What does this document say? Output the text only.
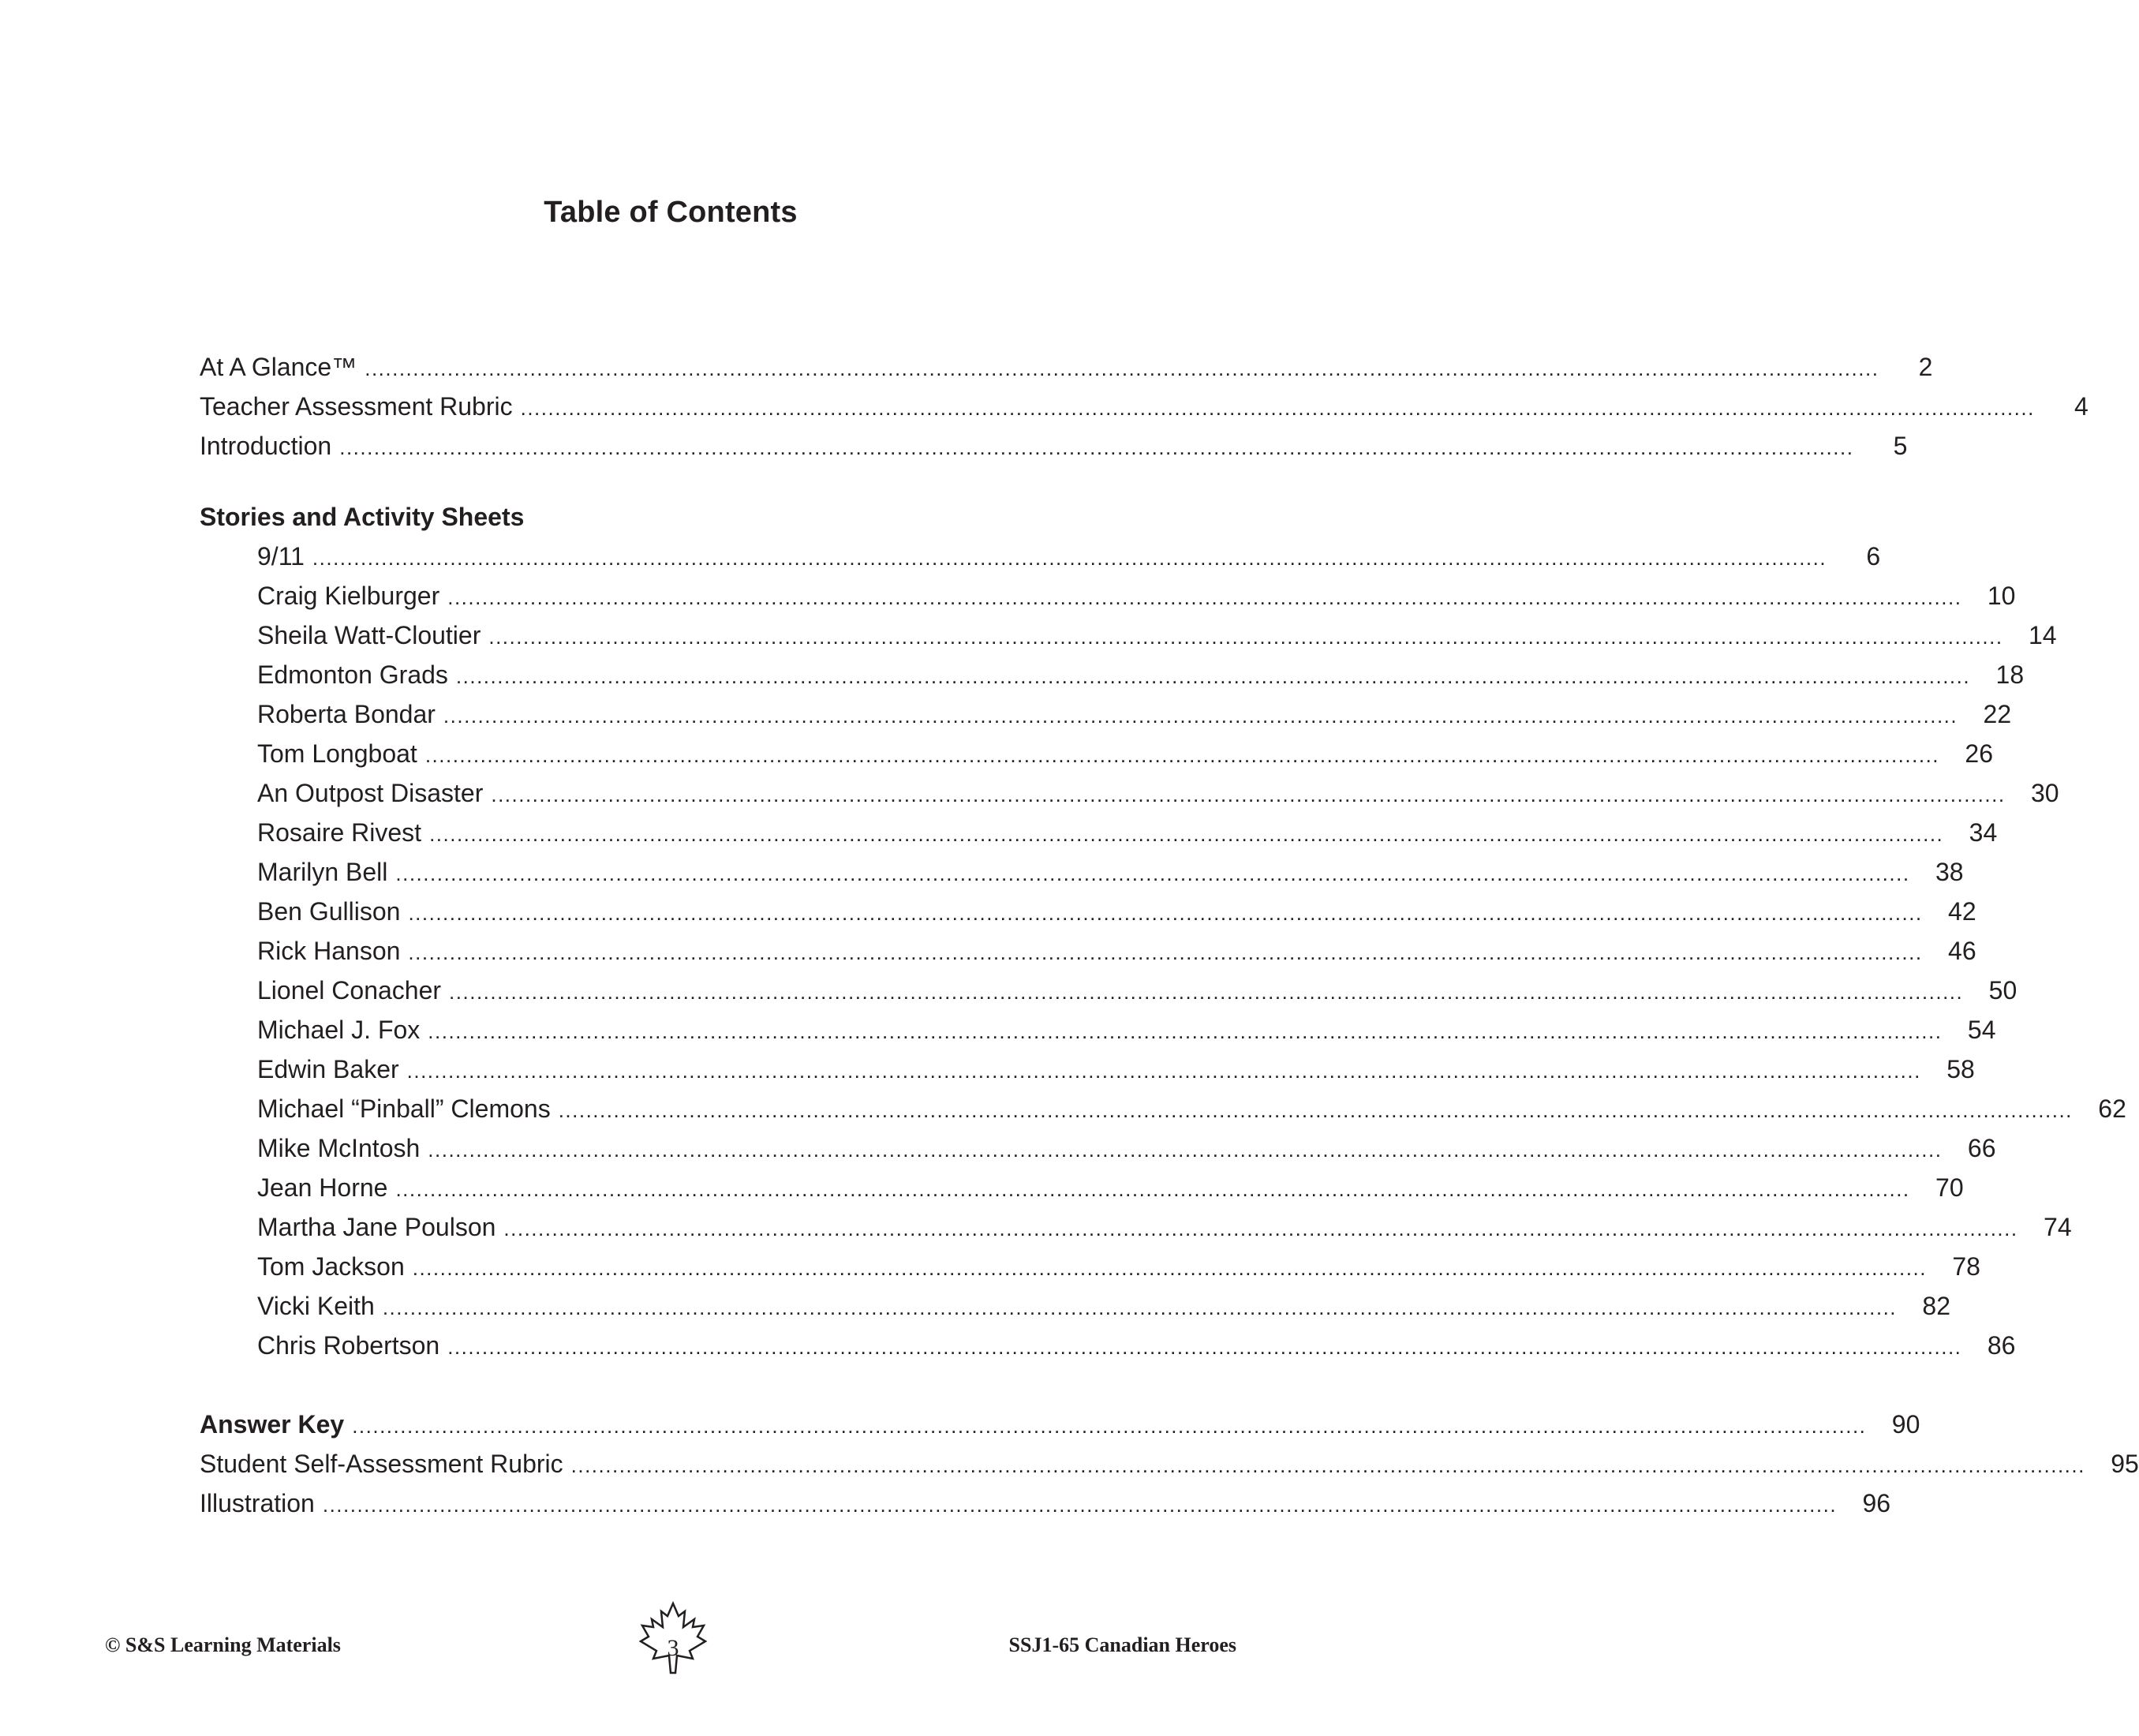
Table of Contents
At A Glance™ ............................................................................................................................................................................................................................	2
Teacher Assessment Rubric ............................................................................................................................................................................................................................	4
Introduction ............................................................................................................................................................................................................................	5
Stories and Activity Sheets
9/11 ............................................................................................................................................................................................................................	6
Craig Kielburger ............................................................................................................................................................................................................................	10
Sheila Watt-Cloutier ............................................................................................................................................................................................................................	14
Edmonton Grads ............................................................................................................................................................................................................................	18
Roberta Bondar ............................................................................................................................................................................................................................	22
Tom Longboat ............................................................................................................................................................................................................................	26
An Outpost Disaster ............................................................................................................................................................................................................................	30
Rosaire Rivest ............................................................................................................................................................................................................................	34
Marilyn Bell ............................................................................................................................................................................................................................	38
Ben Gullison ............................................................................................................................................................................................................................	42
Rick Hanson ............................................................................................................................................................................................................................	46
Lionel Conacher ............................................................................................................................................................................................................................	50
Michael J. Fox ............................................................................................................................................................................................................................	54
Edwin Baker ............................................................................................................................................................................................................................	58
Michael “Pinball” Clemons ............................................................................................................................................................................................................................	62
Mike McIntosh ............................................................................................................................................................................................................................	66
Jean Horne ............................................................................................................................................................................................................................	70
Martha Jane Poulson ............................................................................................................................................................................................................................	74
Tom Jackson ............................................................................................................................................................................................................................	78
Vicki Keith ............................................................................................................................................................................................................................	82
Chris Robertson ............................................................................................................................................................................................................................	86
Answer Key ............................................................................................................................................................................................................................	90
Student Self-Assessment Rubric ............................................................................................................................................................................................................................	95
Illustration ............................................................................................................................................................................................................................	96
© S&S Learning Materials	3	SSJ1-65 Canadian Heroes
